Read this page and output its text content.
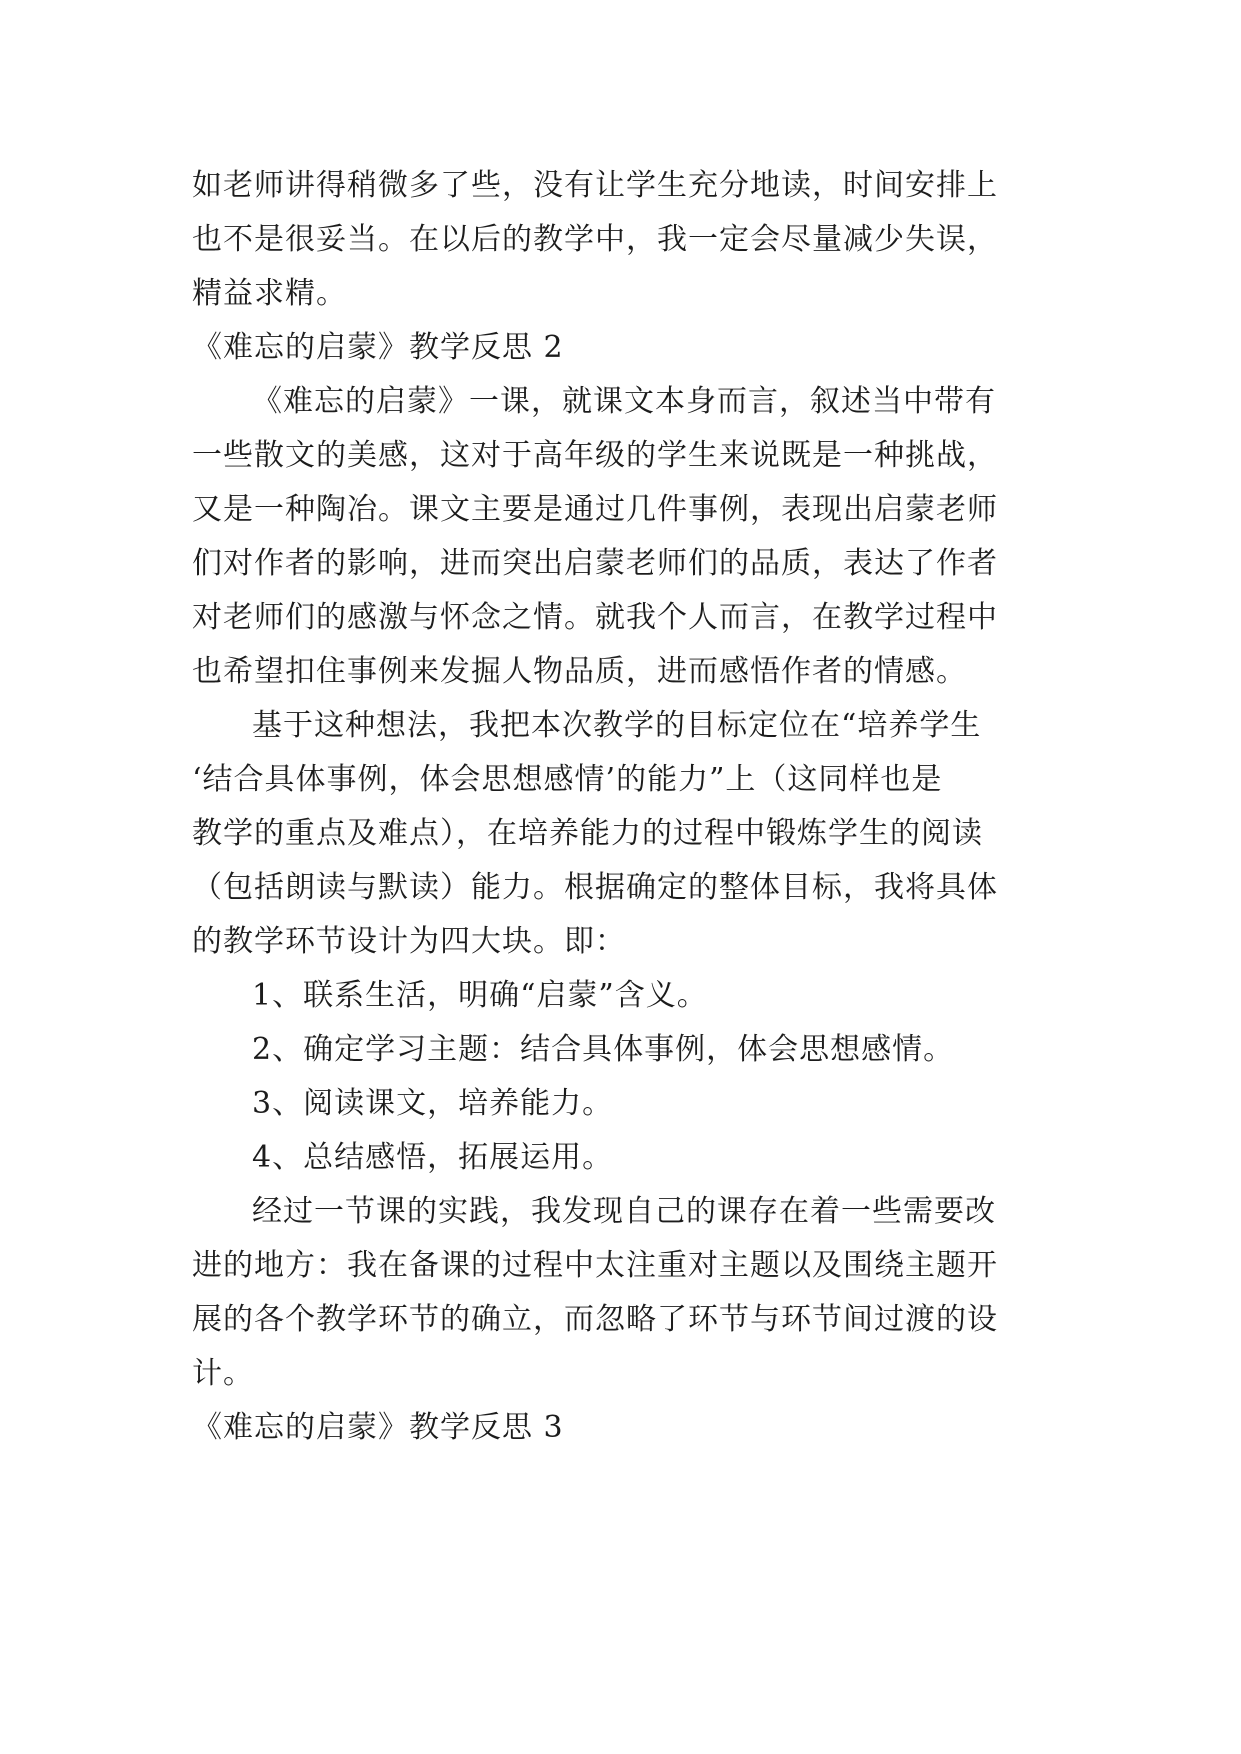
如老师讲得稍微多了些，没有让学生充分地读，时间安排上
也不是很妥当。在以后的教学中，我一定会尽量减少失误，
精益求精。
《难忘的启蒙》教学反思 2
《难忘的启蒙》一课，就课文本身而言，叙述当中带有
一些散文的美感，这对于高年级的学生来说既是一种挑战，
又是一种陶冶。课文主要是通过几件事例，表现出启蒙老师
们对作者的影响，进而突出启蒙老师们的品质，表达了作者
对老师们的感激与怀念之情。就我个人而言，在教学过程中
也希望扣住事例来发掘人物品质，进而感悟作者的情感。
基于这种想法，我把本次教学的目标定位在“培养学生
‘结合具体事例，体会思想感情’的能力”上（这同样也是
教学的重点及难点），在培养能力的过程中锻炼学生的阅读
（包括朗读与默读）能力。根据确定的整体目标，我将具体
的教学环节设计为四大块。即：
1、联系生活，明确“启蒙”含义。
2、确定学习主题：结合具体事例，体会思想感情。
3、阅读课文，培养能力。
4、总结感悟，拓展运用。
经过一节课的实践，我发现自己的课存在着一些需要改
进的地方：我在备课的过程中太注重对主题以及围绕主题开
展的各个教学环节的确立，而忽略了环节与环节间过渡的设
计。
《难忘的启蒙》教学反思 3
